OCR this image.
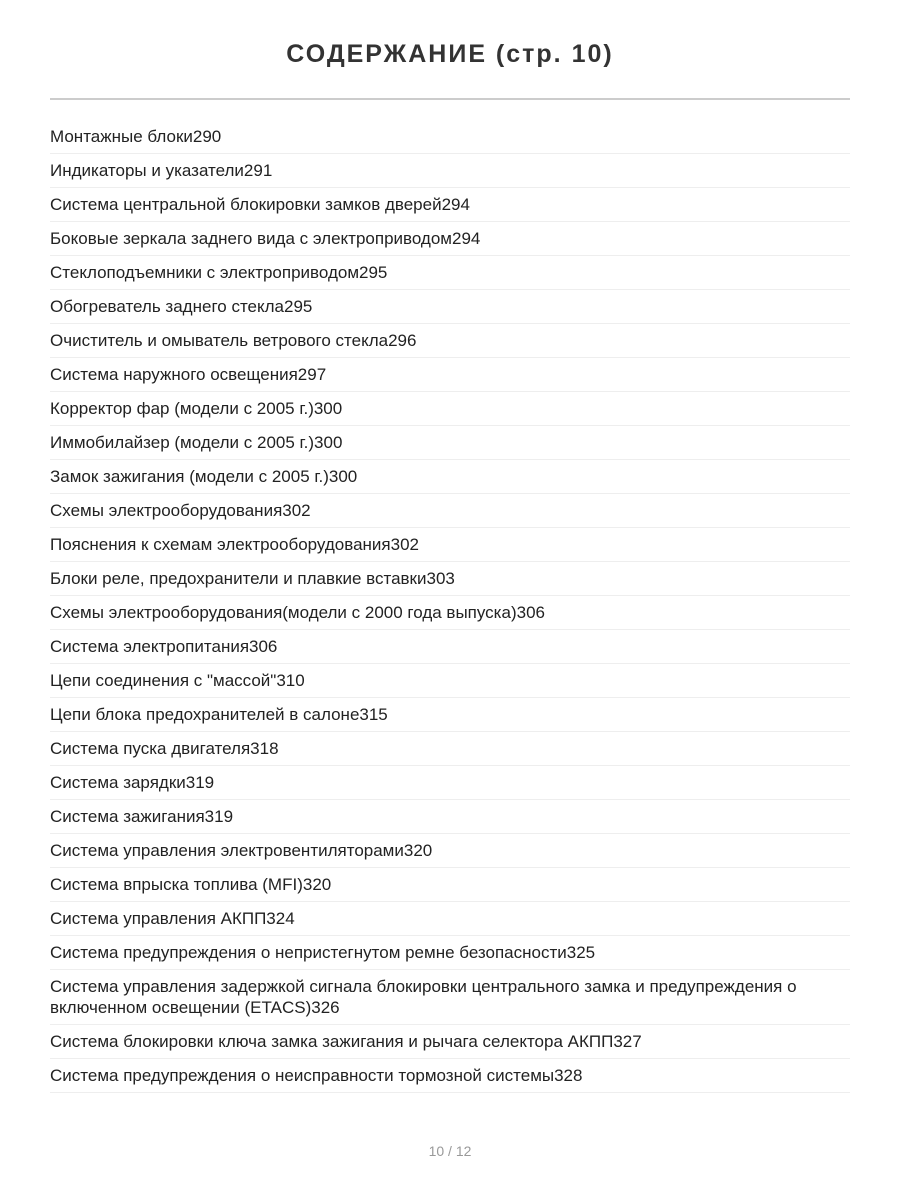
СОДЕРЖАНИЕ (стр. 10)
Монтажные блоки290
Индикаторы и указатели291
Система центральной блокировки замков дверей294
Боковые зеркала заднего вида с электроприводом294
Стеклоподъемники с электроприводом295
Обогреватель заднего стекла295
Очиститель и омыватель ветрового стекла296
Система наружного освещения297
Корректор фар (модели с 2005 г.)300
Иммобилайзер (модели с 2005 г.)300
Замок зажигания (модели с 2005 г.)300
Схемы электрооборудования302
Пояснения к схемам электрооборудования302
Блоки реле, предохранители и плавкие вставки303
Схемы электрооборудования(модели с 2000 года выпуска)306
Система электропитания306
Цепи соединения с "массой"310
Цепи блока предохранителей в салоне315
Система пуска двигателя318
Система зарядки319
Система зажигания319
Система управления электровентиляторами320
Система впрыска топлива (MFI)320
Система управления АКПП324
Система предупреждения о непристегнутом ремне безопасности325
Система управления задержкой сигнала блокировки центрального замка и предупреждения о включенном освещении (ETACS)326
Система блокировки ключа замка зажигания и рычага селектора АКПП327
Система предупреждения о неисправности тормозной системы328
10 / 12
